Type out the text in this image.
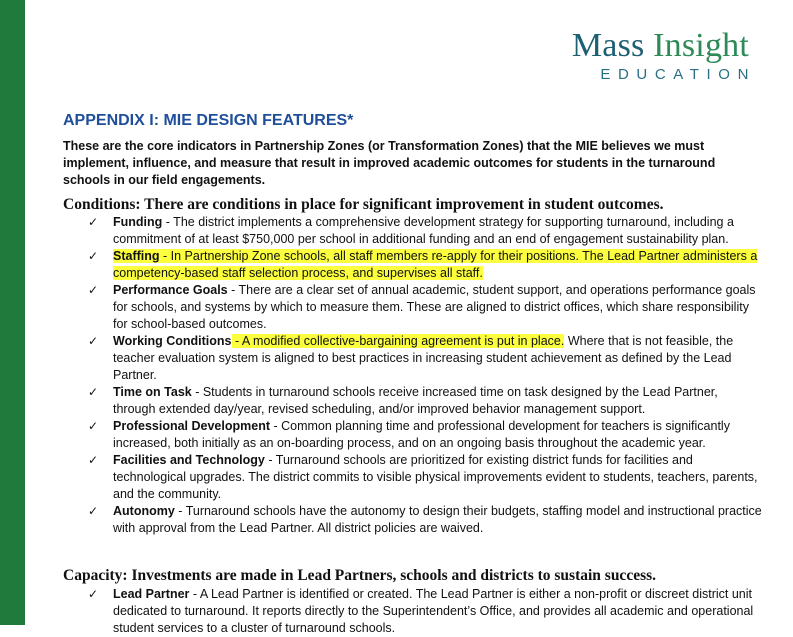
Mass Insight
EDUCATION
APPENDIX I: MIE DESIGN FEATURES*
These are the core indicators in Partnership Zones (or Transformation Zones) that the MIE believes we must implement, influence, and measure that result in improved academic outcomes for students in the turnaround schools in our field engagements.
Conditions: There are conditions in place for significant improvement in student outcomes.
✓ Funding - The district implements a comprehensive development strategy for supporting turnaround, including a commitment of at least $750,000 per school in additional funding and an end of engagement sustainability plan.
✓ Staffing - In Partnership Zone schools, all staff members re-apply for their positions. The Lead Partner administers a competency-based staff selection process, and supervises all staff.
✓ Performance Goals - There are a clear set of annual academic, student support, and operations performance goals for schools, and systems by which to measure them. These are aligned to district offices, which share responsibility for school-based outcomes.
✓ Working Conditions - A modified collective-bargaining agreement is put in place. Where that is not feasible, the teacher evaluation system is aligned to best practices in increasing student achievement as defined by the Lead Partner.
✓ Time on Task - Students in turnaround schools receive increased time on task designed by the Lead Partner, through extended day/year, revised scheduling, and/or improved behavior management support.
✓ Professional Development - Common planning time and professional development for teachers is significantly increased, both initially as an on-boarding process, and on an ongoing basis throughout the academic year.
✓ Facilities and Technology - Turnaround schools are prioritized for existing district funds for facilities and technological upgrades. The district commits to visible physical improvements evident to students, teachers, parents, and the community.
✓ Autonomy - Turnaround schools have the autonomy to design their budgets, staffing model and instructional practice with approval from the Lead Partner. All district policies are waived.
Capacity: Investments are made in Lead Partners, schools and districts to sustain success.
✓ Lead Partner - A Lead Partner is identified or created. The Lead Partner is either a non-profit or discreet district unit dedicated to turnaround. It reports directly to the Superintendent’s Office, and provides all academic and operational student services to a cluster of turnaround schools.
